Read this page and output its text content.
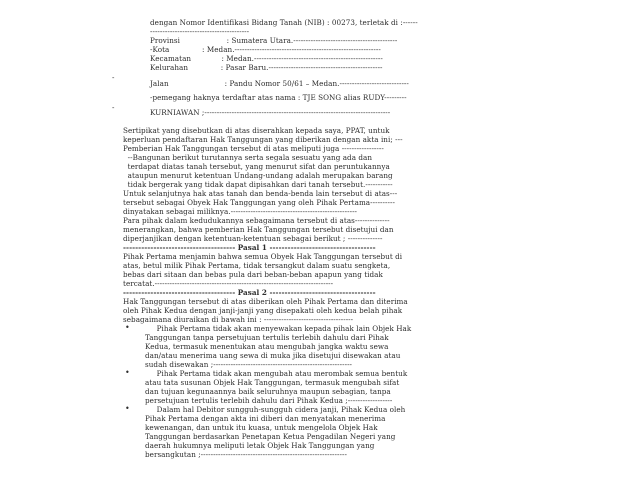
dengan Nomor Identifikasi Bidang Tanah (NIB) : 00273, terletak di :------
----------------------------------------
Provinsi                    : Sumatera Utara.------------------------------------------
-Kota              : Medan.-----------------------------------------------------------
Kecamatan             : Medan.----------------------------------------------------
Kelurahan              : Pasar Baru.----------------------------------------------
-
Jalan                        : Pandu Nomor 50/61 – Medan.----------------------------
-pemegang haknya terdaftar atas nama : TJE SONG alias RUDY---------
-
KURNIAWAN ;---------------------------------------------------------------------------
Sertipikat yang disebutkan di atas diserahkan kepada saya, PPAT, untuk
keperluan pendaftaran Hak Tanggungan yang diberikan dengan akta ini; ---
Pemberian Hak Tanggungan tersebut di atas meliputi juga -----------------
--Bangunan berikut turutannya serta segala sesuatu yang ada dan
terdapat diatas tanah tersebut, yang menurut sifat dan peruntukannya
ataupun menurut ketentuan Undang-undang adalah merupakan barang
tidak bergerak yang tidak dapat dipisahkan dari tanah tersebut.-----------
Untuk selanjutnya hak atas tanah dan benda-benda lain tersebut di atas---
tersebut sebagai Obyek Hak Tanggungan yang oleh Pihak Pertama----------
dinyatakan sebagai miliknya.---------------------------------------------------
Para pihak dalam kedudukannya sebagaimana tersebut di atas--------------
menerangkan, bahwa pemberian Hak Tanggungan tersebut disetujui dan
diperjanjikan dengan ketentuan-ketentuan sebagai berikut ; --------------
------------------------------------- Pasal 1 -----------------------------------
Pihak Pertama menjamin bahwa semua Obyek Hak Tanggungan tersebut di
atas, betul milik Pihak Pertama, tidak tersangkut dalam suatu sengketa,
bebas dari sitaan dan bebas pula dari beban-beban apapun yang tidak
tercatat.------------------------------------------------------------------------
------------------------------------- Pasal 2 -----------------------------------
Hak Tanggungan tersebut di atas diberikan oleh Pihak Pertama dan diterima
oleh Pihak Kedua dengan janji-janji yang disepakati oleh kedua belah pihak
sebagaimana diuraikan di bawah ini : ------------------------------------
• Pihak Pertama tidak akan menyewakan kepada pihak lain Objek Hak
Tanggungan tanpa persetujuan tertulis terlebih dahulu dari Pihak
Kedua, termasuk menentukan atau mengubah jangka waktu sewa
dan/atau menerima uang sewa di muka jika disetujui disewakan atau
sudah disewakan ;--------------------------------------------------------
• Pihak Pertama tidak akan mengubah atau merombak semua bentuk
atau tata susunan Objek Hak Tanggungan, termasuk mengubah sifat
dan tujuan kegunaannya baik seluruhnya maupun sebagian, tanpa
persetujuan tertulis terlebih dahulu dari Pihak Kedua ;------------------
• Dalam hal Debitor sungguh-sungguh cidera janji, Pihak Kedua oleh
Pihak Pertama dengan akta ini diberi dan menyatakan menerima
kewenangan, dan untuk itu kuasa, untuk mengelola Objek Hak
Tanggungan berdasarkan Penetapan Ketua Pengadilan Negeri yang
daerah hukumnya meliputi letak Objek Hak Tanggungan yang
bersangkutan ;-----------------------------------------------------------
